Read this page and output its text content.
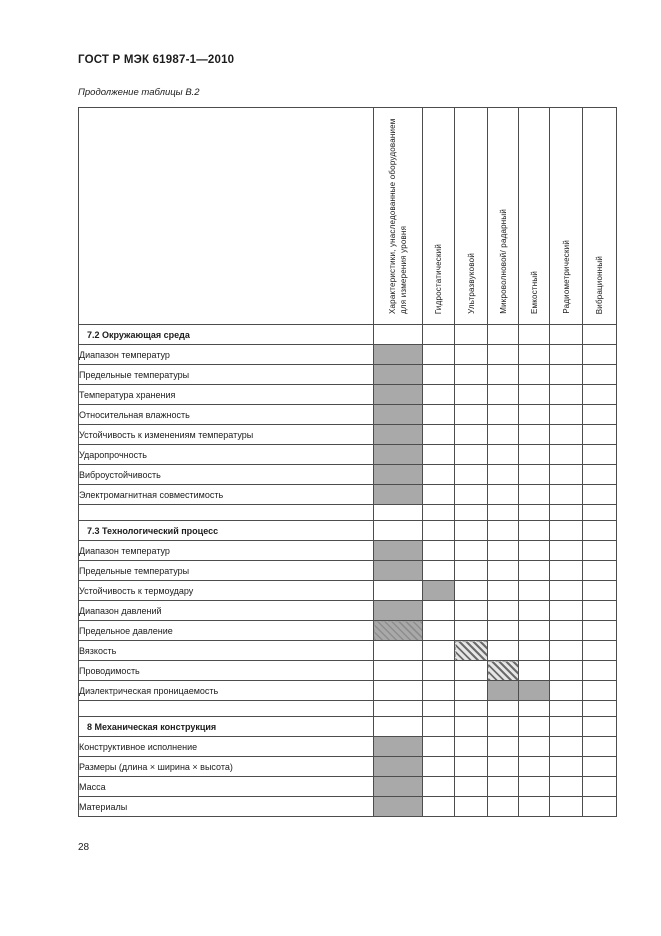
ГОСТ Р МЭК 61987-1—2010
Продолжение таблицы В.2
	Характеристики, унаследованные оборудованием для измерения уровня	Гидростатический	Ультразвуковой	Микроволновой/ радарный	Емкостный	Радиометрический	Вибрационный
7.2 Окружающая среда							
Диапазон температур							
Предельные температуры							
Температура хранения							
Относительная влажность							
Устойчивость к изменениям температуры							
Ударопрочность							
Виброустойчивость							
Электромагнитная совместимость							

7.3 Технологический процесс							
Диапазон температур							
Предельные температуры							
Устойчивость к термоудару							
Диапазон давлений							
Предельное давление							
Вязкость							
Проводимость							
Диэлектрическая проницаемость							

8 Механическая конструкция							
Конструктивное исполнение							
Размеры (длина × ширина × высота)							
Масса							
Материалы							
28
